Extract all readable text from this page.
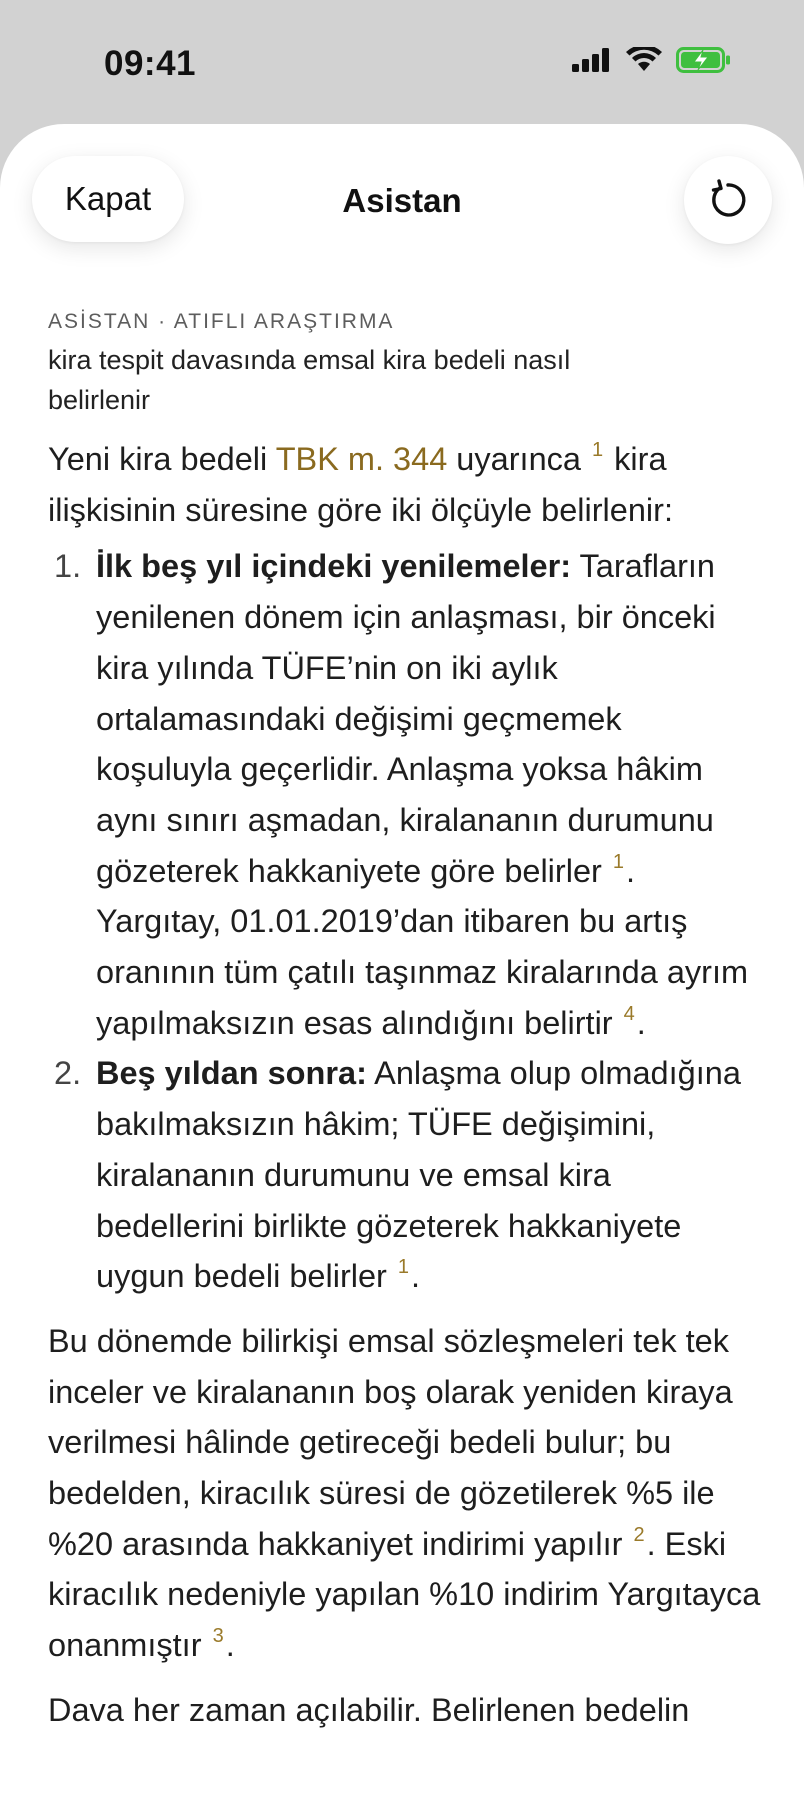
09:41
Kapat	Asistan
ASİSTAN · ATIFLI ARAŞTIRMA
kira tespit davasında emsal kira bedeli nasıl belirlenir

Yeni kira bedeli TBK m. 344 uyarınca $^1$ kira ilişkisinin süresine göre iki ölçüyle belirlenir:

1. İlk beş yıl içindeki yenilemeler: Tarafların yenilenen dönem için anlaşması, bir önceki kira yılında TÜFE’nin on iki aylık ortalamasındaki değişimi geçmemek koşuluyla geçerlidir. Anlaşma yoksa hâkim aynı sınırı aşmadan, kiralananın durumunu gözeterek hakkaniyete göre belirler $^1$. Yargıtay, 01.01.2019’dan itibaren bu artış oranının tüm çatılı taşınmaz kiralarında ayrım yapılmaksızın esas alındığını belirtir $^4$.
2. Beş yıldan sonra: Anlaşma olup olmadığına bakılmaksızın hâkim; TÜFE değişimini, kiralananın durumunu ve emsal kira bedellerini birlikte gözeterek hakkaniyete uygun bedeli belirler $^1$.

Bu dönemde bilirkişi emsal sözleşmeleri tek tek inceler ve kiralananın boş olarak yeniden kiraya verilmesi hâlinde getireceği bedeli bulur; bu bedelden, kiracılık süresi de gözetilerek %5 ile %20 arasında hakkaniyet indirimi yapılır $^2$. Eski kiracılık nedeniyle yapılan %10 indirim Yargıtayca onanmıştır $^3$.

Dava her zaman açılabilir. Belirlenen bedelin
